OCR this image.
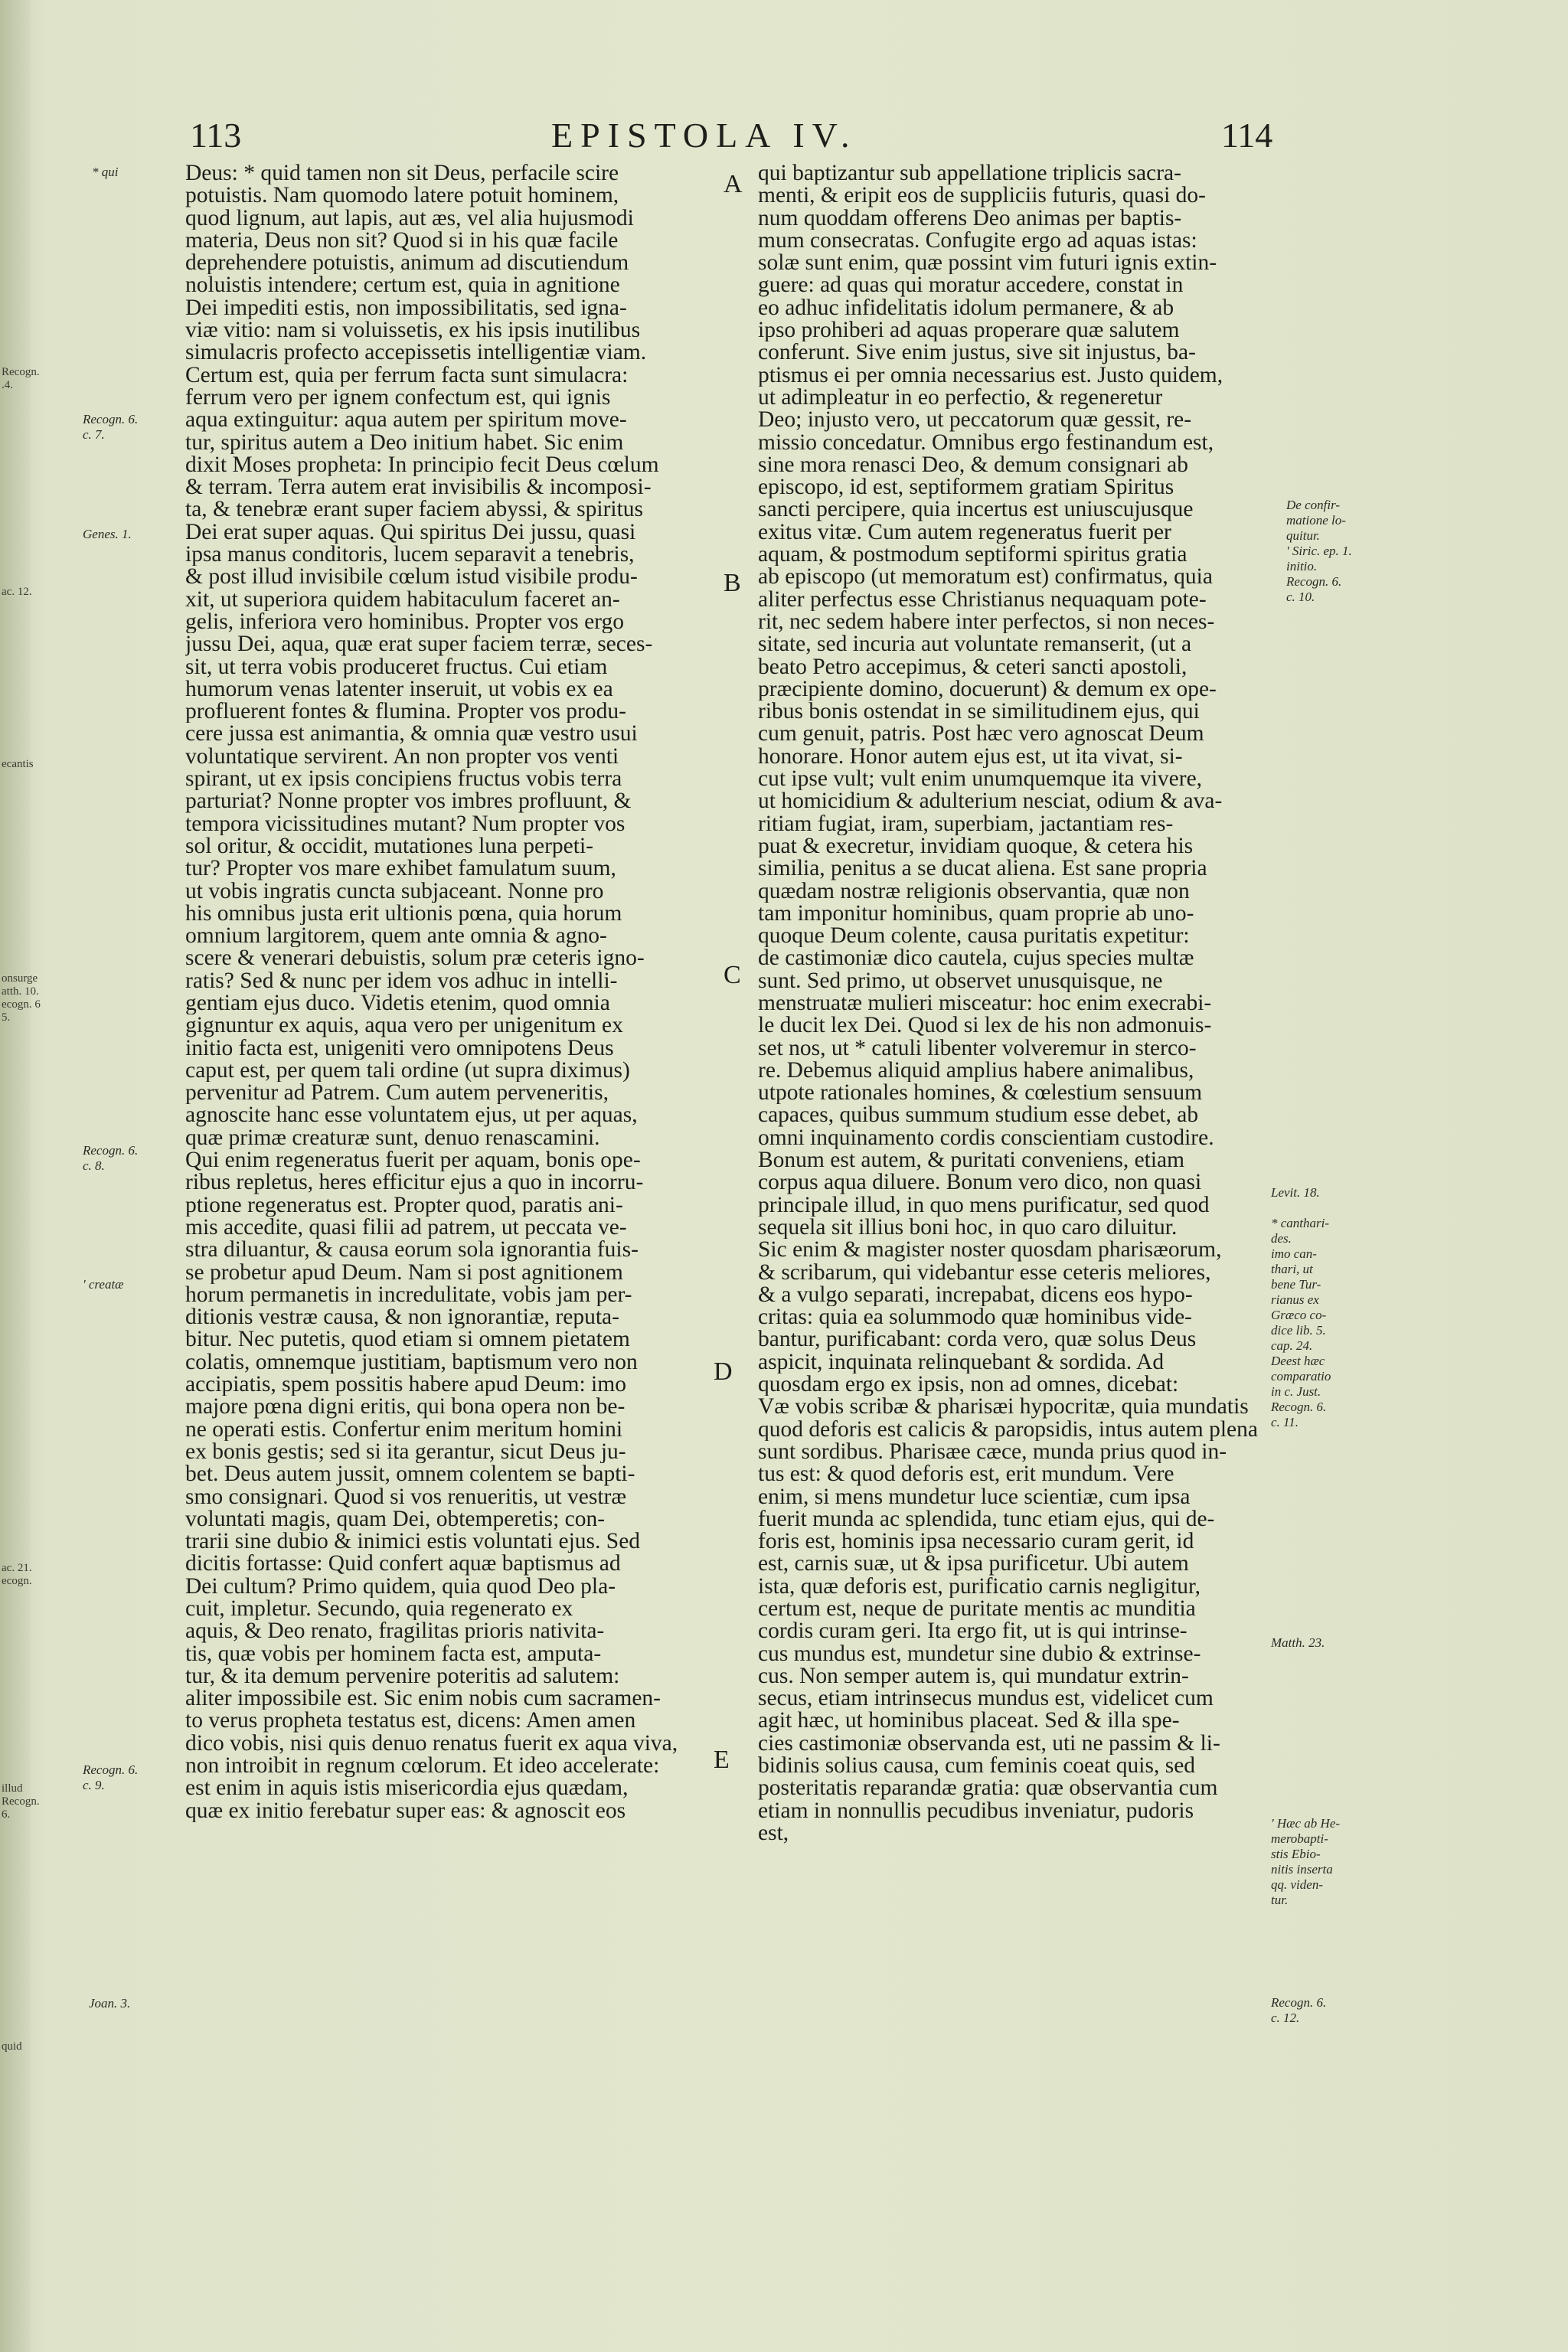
113	EPISTOLA IV.	114
Deus: * quid tamen non sit Deus, perfacile scire
potuistis. Nam quomodo latere potuit hominem,
quod lignum, aut lapis, aut æs, vel alia hujusmodi
materia, Deus non sit? Quod si in his quæ facile
deprehendere potuistis, animum ad discutiendum
noluistis intendere; certum est, quia in agnitione
Dei impediti estis, non impossibilitatis, sed igna-
viæ vitio: nam si voluissetis, ex his ipsis inutilibus
simulacris profecto accepissetis intelligentiæ viam.
Certum est, quia per ferrum facta sunt simulacra:
ferrum vero per ignem confectum est, qui ignis
aqua extinguitur: aqua autem per spiritum move-
tur, spiritus autem a Deo initium habet. Sic enim
dixit Moses propheta: In principio fecit Deus cœlum
& terram. Terra autem erat invisibilis & incomposi-
ta, & tenebræ erant super faciem abyssi, & spiritus
Dei erat super aquas. Qui spiritus Dei jussu, quasi
ipsa manus conditoris, lucem separavit a tenebris,
& post illud invisibile cœlum istud visibile produ-
xit, ut superiora quidem habitaculum faceret an-
gelis, inferiora vero hominibus. Propter vos ergo
jussu Dei, aqua, quæ erat super faciem terræ, seces-
sit, ut terra vobis produceret fructus. Cui etiam
humorum venas latenter inseruit, ut vobis ex ea
profluerent fontes & flumina. Propter vos produ-
cere jussa est animantia, & omnia quæ vestro usui
voluntatique servirent. An non propter vos venti
spirant, ut ex ipsis concipiens fructus vobis terra
parturiat? Nonne propter vos imbres profluunt, &
tempora vicissitudines mutant? Num propter vos
sol oritur, & occidit, mutationes luna perpeti-
tur? Propter vos mare exhibet famulatum suum,
ut vobis ingratis cuncta subjaceant. Nonne pro
his omnibus justa erit ultionis pœna, quia horum
omnium largitorem, quem ante omnia & agno-
scere & venerari debuistis, solum præ ceteris igno-
ratis? Sed & nunc per idem vos adhuc in intelli-
gentiam ejus duco. Videtis etenim, quod omnia
gignuntur ex aquis, aqua vero per unigenitum ex
initio facta est, unigeniti vero omnipotens Deus
caput est, per quem tali ordine (ut supra diximus)
pervenitur ad Patrem. Cum autem perveneritis,
agnoscite hanc esse voluntatem ejus, ut per aquas,
quæ primæ creaturæ sunt, denuo renascamini.
Qui enim regeneratus fuerit per aquam, bonis ope-
ribus repletus, heres efficitur ejus a quo in incorru-
ptione regeneratus est. Propter quod, paratis ani-
mis accedite, quasi filii ad patrem, ut peccata ve-
stra diluantur, & causa eorum sola ignorantia fuis-
se probetur apud Deum. Nam si post agnitionem
horum permanetis in incredulitate, vobis jam per-
ditionis vestræ causa, & non ignorantiæ, reputa-
bitur. Nec putetis, quod etiam si omnem pietatem
colatis, omnemque justitiam, baptismum vero non
accipiatis, spem possitis habere apud Deum: imo
majore pœna digni eritis, qui bona opera non be-
ne operati estis. Confertur enim meritum homini
ex bonis gestis; sed si ita gerantur, sicut Deus ju-
bet. Deus autem jussit, omnem colentem se bapti-
smo consignari. Quod si vos renueritis, ut vestræ
voluntati magis, quam Dei, obtemperetis; con-
trarii sine dubio & inimici estis voluntati ejus. Sed
dicitis fortasse: Quid confert aquæ baptismus ad
Dei cultum? Primo quidem, quia quod Deo pla-
cuit, impletur. Secundo, quia regenerato ex
aquis, & Deo renato, fragilitas prioris nativita-
tis, quæ vobis per hominem facta est, amputa-
tur, & ita demum pervenire poteritis ad salutem:
aliter impossibile est. Sic enim nobis cum sacramen-
to verus propheta testatus est, dicens: Amen amen
dico vobis, nisi quis denuo renatus fuerit ex aqua viva,
non introibit in regnum cœlorum. Et ideo accelerate:
est enim in aquis istis misericordia ejus quædam,
quæ ex initio ferebatur super eas: & agnoscit eos
qui baptizantur sub appellatione triplicis sacra-
menti, & eripit eos de suppliciis futuris, quasi do-
num quoddam offerens Deo animas per baptis-
mum consecratas. Confugite ergo ad aquas istas:
solæ sunt enim, quæ possint vim futuri ignis extin-
guere: ad quas qui moratur accedere, constat in
eo adhuc infidelitatis idolum permanere, & ab
ipso prohiberi ad aquas properare quæ salutem
conferunt. Sive enim justus, sive sit injustus, ba-
ptismus ei per omnia necessarius est. Justo quidem,
ut adimpleatur in eo perfectio, & regeneretur
Deo; injusto vero, ut peccatorum quæ gessit, re-
missio concedatur. Omnibus ergo festinandum est,
sine mora renasci Deo, & demum consignari ab
episcopo, id est, septiformem gratiam Spiritus
sancti percipere, quia incertus est uniuscujusque
exitus vitæ. Cum autem regeneratus fuerit per
aquam, & postmodum septiformi spiritus gratia
ab episcopo (ut memoratum est) confirmatus, quia
aliter perfectus esse Christianus nequaquam pote-
rit, nec sedem habere inter perfectos, si non neces-
sitate, sed incuria aut voluntate remanserit, (ut a
beato Petro accepimus, & ceteri sancti apostoli,
præcipiente domino, docuerunt) & demum ex ope-
ribus bonis ostendat in se similitudinem ejus, qui
cum genuit, patris. Post hæc vero agnoscat Deum
honorare. Honor autem ejus est, ut ita vivat, si-
cut ipse vult; vult enim unumquemque ita vivere,
ut homicidium & adulterium nesciat, odium & ava-
ritiam fugiat, iram, superbiam, jactantiam res-
puat & execretur, invidiam quoque, & cetera his
similia, penitus a se ducat aliena. Est sane propria
quædam nostræ religionis observantia, quæ non
tam imponitur hominibus, quam proprie ab uno-
quoque Deum colente, causa puritatis expetitur:
de castimoniæ dico cautela, cujus species multæ
sunt. Sed primo, ut observet unusquisque, ne
menstruatæ mulieri misceatur: hoc enim execrabi-
le ducit lex Dei. Quod si lex de his non admonuis-
set nos, ut * catuli libenter volveremur in sterco-
re. Debemus aliquid amplius habere animalibus,
utpote rationales homines, & cœlestium sensuum
capaces, quibus summum studium esse debet, ab
omni inquinamento cordis conscientiam custodire.
Bonum est autem, & puritati conveniens, etiam
corpus aqua diluere. Bonum vero dico, non quasi
principale illud, in quo mens purificatur, sed quod
sequela sit illius boni hoc, in quo caro diluitur.
Sic enim & magister noster quosdam pharisæorum,
& scribarum, qui videbantur esse ceteris meliores,
& a vulgo separati, increpabat, dicens eos hypo-
critas: quia ea solummodo quæ hominibus vide-
bantur, purificabant: corda vero, quæ solus Deus
aspicit, inquinata relinquebant & sordida. Ad
quosdam ergo ex ipsis, non ad omnes, dicebat:
Væ vobis scribæ & pharisæi hypocritæ, quia mundatis
quod deforis est calicis & paropsidis, intus autem plena
sunt sordibus. Pharisæe cæce, munda prius quod in-
tus est: & quod deforis est, erit mundum. Vere
enim, si mens mundetur luce scientiæ, cum ipsa
fuerit munda ac splendida, tunc etiam ejus, qui de-
foris est, hominis ipsa necessario curam gerit, id
est, carnis suæ, ut & ipsa purificetur. Ubi autem
ista, quæ deforis est, purificatio carnis negligitur,
certum est, neque de puritate mentis ac munditia
cordis curam geri. Ita ergo fit, ut is qui intrinse-
cus mundus est, mundetur sine dubio & extrinse-
cus. Non semper autem is, qui mundatur extrin-
secus, etiam intrinsecus mundus est, videlicet cum
agit hæc, ut hominibus placeat. Sed & illa spe-
cies castimoniæ observanda est, uti ne passim & li-
bidinis solius causa, cum feminis coeat quis, sed
posteritatis reparandæ gratia: quæ observantia cum
etiam in nonnullis pecudibus inveniatur, pudoris
est,
* qui
Recogn. 6.
c. 7.
Genes. 1.
Recogn. 6.
c. 8.
' creatæ
Recogn. 6.
c. 9.
Joan. 3.
De confir-
matione lo-
quitur.
' Siric. ep. 1.
initio.
Recogn. 6.
c. 10.
Levit. 18.
* canthari-
des.
imo can-
thari, ut
bene Tur-
rianus ex
Græco co-
dice lib. 5.
cap. 24.
Deest hæc
comparatio
in c. Just.
Recogn. 6.
c. 11.
Matth. 23.
' Hæc ab He-
merobapti-
stis Ebio-
nitis inserta
qq. viden-
tur.
Recogn. 6.
c. 12.
A
B
C
D
E
Recogn.
.4.
ac. 12.
ecantis
onsurge
atth. 10.
ecogn. 6
5.
ac. 21.
ecogn.
illud
Recogn.
6.
quid
